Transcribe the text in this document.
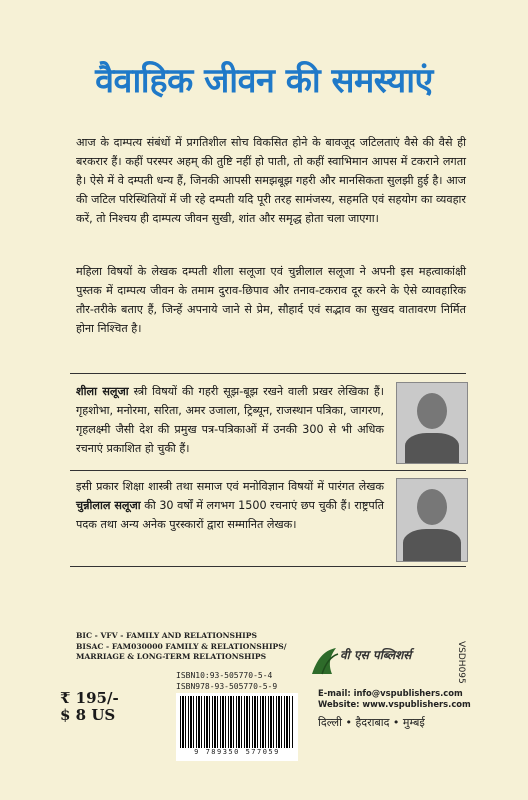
वैवाहिक जीवन की समस्याएं

आज के दाम्पत्य संबंधों में प्रगतिशील सोच विकसित होने के बावजूद जटिलताएं वैसे की वैसे ही बरकरार हैं। कहीं परस्पर अहम् की तुष्टि नहीं हो पाती, तो कहीं स्वाभिमान आपस में टकराने लगता है। ऐसे में वे दम्पती धन्य हैं, जिनकी आपसी समझबूझ गहरी और मानसिकता सुलझी हुई है। आज की जटिल परिस्थितियों में जी रहे दम्पती यदि पूरी तरह सामंजस्य, सहमति एवं सहयोग का व्यवहार करें, तो निश्चय ही दाम्पत्य जीवन सुखी, शांत और समृद्ध होता चला जाएगा।

महिला विषयों के लेखक दम्पती शीला सलूजा एवं चुन्नीलाल सलूजा ने अपनी इस महत्वाकांक्षी पुस्तक में दाम्पत्य जीवन के तमाम दुराव-छिपाव और तनाव-टकराव दूर करने के ऐसे व्यावहारिक तौर-तरीके बताए हैं, जिन्हें अपनाये जाने से प्रेम, सौहार्द एवं सद्भाव का सुखद वातावरण निर्मित होना निश्चित है।

शीला सलूजा स्त्री विषयों की गहरी सूझ-बूझ रखने वाली प्रखर लेखिका हैं। गृहशोभा, मनोरमा, सरिता, अमर उजाला, ट्रिब्यून, राजस्थान पत्रिका, जागरण, गृहलक्ष्मी जैसी देश की प्रमुख पत्र-पत्रिकाओं में उनकी 300 से भी अधिक रचनाएं प्रकाशित हो चुकी हैं।

इसी प्रकार शिक्षा शास्त्री तथा समाज एवं मनोविज्ञान विषयों में पारंगत लेखक चुन्नीलाल सलूजा की 30 वर्षों में लगभग 1500 रचनाएं छप चुकी हैं। राष्ट्रपति पदक तथा अन्य अनेक पुरस्कारों द्वारा सम्मानित लेखक।

BIC - VFV - FAMILY AND RELATIONSHIPS
BISAC - FAM030000 FAMILY & RELATIONSHIPS/
MARRIAGE & LONG-TERM RELATIONSHIPS
ISBN10:93-505770-5-4
ISBN978-93-505770-5-9
9 789350 577059
₹ 195/-
$ 8 US
VSDH095
वी एस पब्लिशर्स
E-mail: info@vspublishers.com
Website: www.vspublishers.com
दिल्ली • हैदराबाद • मुम्बई
